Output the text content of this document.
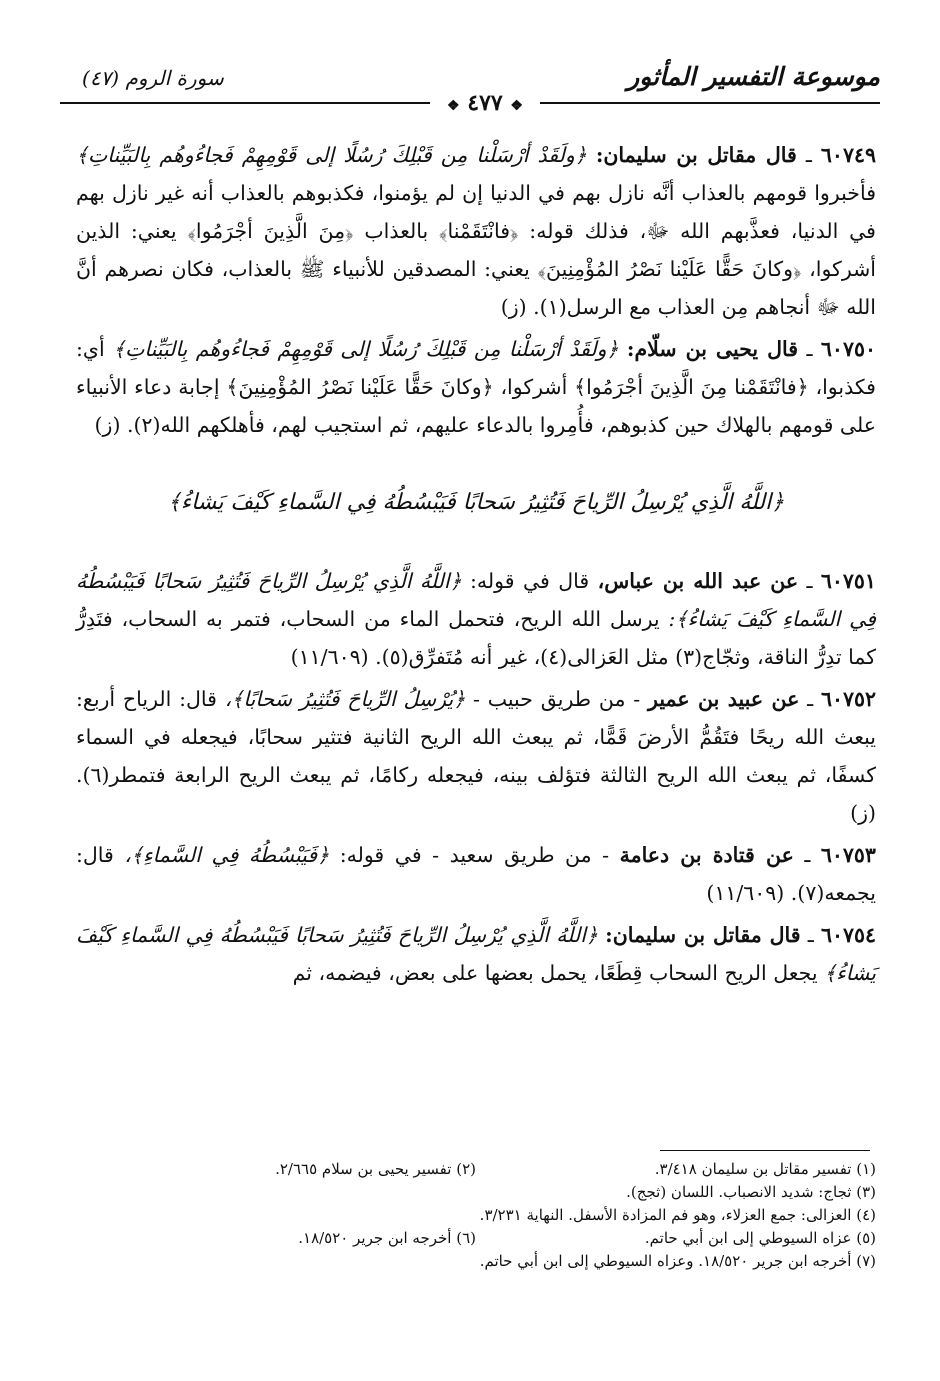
موسوعة التفسير المأثور
سورة الروم (٤٧)
❖ ٤٧٧ ❖

٦٠٧٤٩ ـ قال مقاتل بن سليمان: ﴿ولَقَدْ أرْسَلْنا مِن قَبْلِكَ رُسُلًا إلى قَوْمِهِمْ فَجاءُوهُم بِالبَيِّناتِ﴾ فأخبروا قومهم بالعذاب أنَّه نازل بهم في الدنيا إن لم يؤمنوا، فكذبوهم بالعذاب أنه غير نازل بهم في الدنيا، فعذَّبهم الله ﷻ، فذلك قوله: ﴿فانْتَقَمْنا﴾ بالعذاب ﴿مِنَ الَّذِينَ أجْرَمُوا﴾ يعني: الذين أشركوا، ﴿وكانَ حَقًّا عَلَيْنا نَصْرُ المُؤْمِنِينَ﴾ يعني: المصدقين للأنبياء ﷺ بالعذاب، فكان نصرهم أنَّ الله ﷻ أنجاهم مِن العذاب مع الرسل(١). (ز)

٦٠٧٥٠ ـ قال يحيى بن سلّام: ﴿ولَقَدْ أرْسَلْنا مِن قَبْلِكَ رُسُلًا إلى قَوْمِهِمْ فَجاءُوهُم بِالبَيِّناتِ﴾ أي: فكذبوا، ﴿فانْتَقَمْنا مِنَ الَّذِينَ أجْرَمُوا﴾ أشركوا، ﴿وكانَ حَقًّا عَلَيْنا نَصْرُ المُؤْمِنِينَ﴾ إجابة دعاء الأنبياء على قومهم بالهلاك حين كذبوهم، فأُمِروا بالدعاء عليهم، ثم استجيب لهم، فأهلكهم الله(٢). (ز)

﴿اللَّهُ الَّذِي يُرْسِلُ الرِّياحَ فَتُثِيرُ سَحابًا فَيَبْسُطُهُ فِي السَّماءِ كَيْفَ يَشاءُ﴾

٦٠٧٥١ ـ عن عبد الله بن عباس، قال في قوله: ﴿اللَّهُ الَّذِي يُرْسِلُ الرِّياحَ فَتُثِيرُ سَحابًا فَيَبْسُطُهُ فِي السَّماءِ كَيْفَ يَشاءُ﴾: يرسل الله الريح، فتحمل الماء من السحاب، فتمر به السحاب، فتَدِرُّ كما تدِرُّ الناقة، وثجّاج(٣) مثل العَزالى(٤)، غير أنه مُتَفرِّق(٥). (١١/٦٠٩)

٦٠٧٥٢ ـ عن عبيد بن عمير - من طريق حبيب - ﴿يُرْسِلُ الرِّياحَ فَتُثِيرُ سَحابًا﴾، قال: الرياح أربع: يبعث الله ريحًا فتَقُمُّ الأرضَ قَمًّا، ثم يبعث الله الريح الثانية فتثير سحابًا، فيجعله في السماء كسفًا، ثم يبعث الله الريح الثالثة فتؤلف بينه، فيجعله ركامًا، ثم يبعث الريح الرابعة فتمطر(٦). (ز)

٦٠٧٥٣ ـ عن قتادة بن دعامة - من طريق سعيد - في قوله: ﴿فَيَبْسُطُهُ فِي السَّماءِ﴾، قال: يجمعه(٧). (١١/٦٠٩)

٦٠٧٥٤ ـ قال مقاتل بن سليمان: ﴿اللَّهُ الَّذِي يُرْسِلُ الرِّياحَ فَتُثِيرُ سَحابًا فَيَبْسُطُهُ فِي السَّماءِ كَيْفَ يَشاءُ﴾ يجعل الريح السحاب قِطَعًا، يحمل بعضها على بعض، فيضمه، ثم

(١) تفسير مقاتل بن سليمان ٣/٤١٨.
(٢) تفسير يحيى بن سلام ٢/٦٦٥.
(٣) ثجاج: شديد الانصباب. اللسان (ثجج).
(٤) العزالى: جمع العزلاء، وهو فم المزادة الأسفل. النهاية ٣/٢٣١.
(٥) عزاه السيوطي إلى ابن أبي حاتم.
(٦) أخرجه ابن جرير ١٨/٥٢٠.
(٧) أخرجه ابن جرير ١٨/٥٢٠. وعزاه السيوطي إلى ابن أبي حاتم.
